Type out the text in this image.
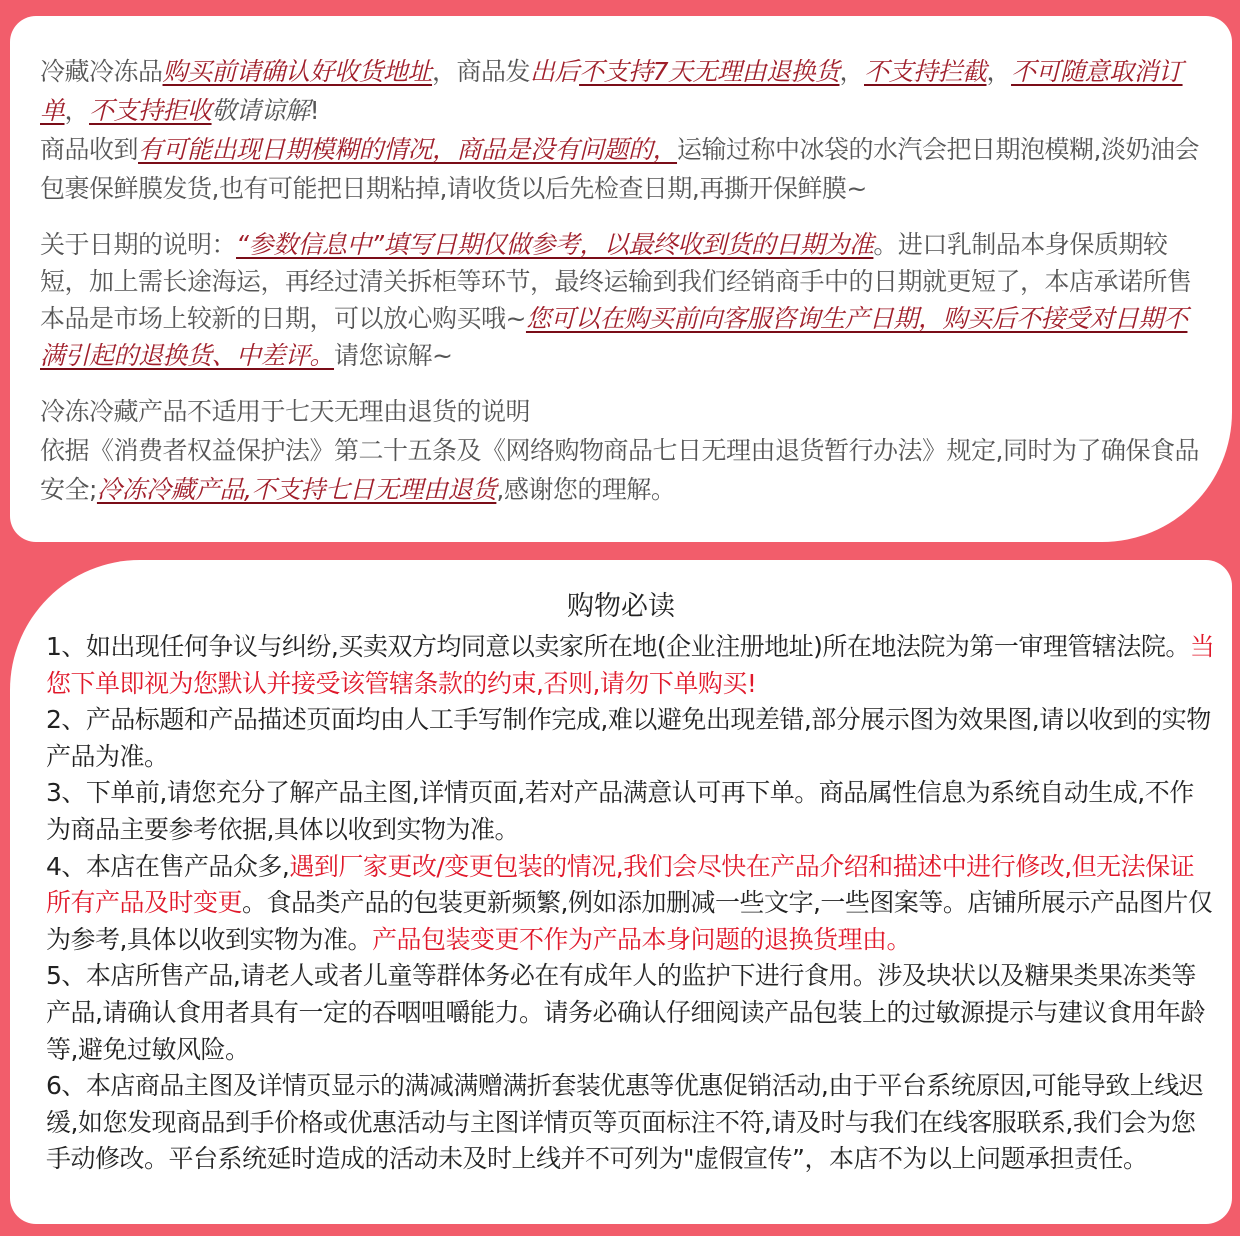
冷藏冷冻品购买前请确认好收货地址，商品发出后不支持7天无理由退换货，不支持拦截，不可随意取消订单，不支持拒收敬请谅解!

商品收到有可能出现日期模糊的情况，商品是没有问题的，运输过称中冰袋的水汽会把日期泡模糊,淡奶油会包裹保鲜膜发货,也有可能把日期粘掉,请收货以后先检查日期,再撕开保鲜膜~

关于日期的说明：“参数信息中”填写日期仅做参考，以最终收到货的日期为准。进口乳制品本身保质期较短，加上需长途海运，再经过清关拆柜等环节，最终运输到我们经销商手中的日期就更短了，本店承诺所售本品是市场上较新的日期，可以放心购买哦~您可以在购买前向客服咨询生产日期，购买后不接受对日期不满引起的退换货、中差评。请您谅解~

冷冻冷藏产品不适用于七天无理由退货的说明
依据《消费者权益保护法》第二十五条及《网络购物商品七日无理由退货暂行办法》规定,同时为了确保食品安全;冷冻冷藏产品,不支持七日无理由退货,感谢您的理解。

购物必读

1、如出现任何争议与纠纷,买卖双方均同意以卖家所在地(企业注册地址)所在地法院为第一审理管辖法院。当您下单即视为您默认并接受该管辖条款的约束,否则,请勿下单购买!

2、产品标题和产品描述页面均由人工手写制作完成,难以避免出现差错,部分展示图为效果图,请以收到的实物产品为准。

3、下单前,请您充分了解产品主图,详情页面,若对产品满意认可再下单。商品属性信息为系统自动生成,不作为商品主要参考依据,具体以收到实物为准。

4、本店在售产品众多,遇到厂家更改/变更包装的情况,我们会尽快在产品介绍和描述中进行修改,但无法保证所有产品及时变更。食品类产品的包装更新频繁,例如添加删减一些文字,一些图案等。店铺所展示产品图片仅为参考,具体以收到实物为准。产品包装变更不作为产品本身问题的退换货理由。

5、本店所售产品,请老人或者儿童等群体务必在有成年人的监护下进行食用。涉及块状以及糖果类果冻类等产品,请确认食用者具有一定的吞咽咀嚼能力。请务必确认仔细阅读产品包装上的过敏源提示与建议食用年龄等,避免过敏风险。

6、本店商品主图及详情页显示的满减满赠满折套装优惠等优惠促销活动,由于平台系统原因,可能导致上线迟缓,如您发现商品到手价格或优惠活动与主图详情页等页面标注不符,请及时与我们在线客服联系,我们会为您手动修改。平台系统延时造成的活动未及时上线并不可列为"虚假宣传”，本店不为以上问题承担责任。
